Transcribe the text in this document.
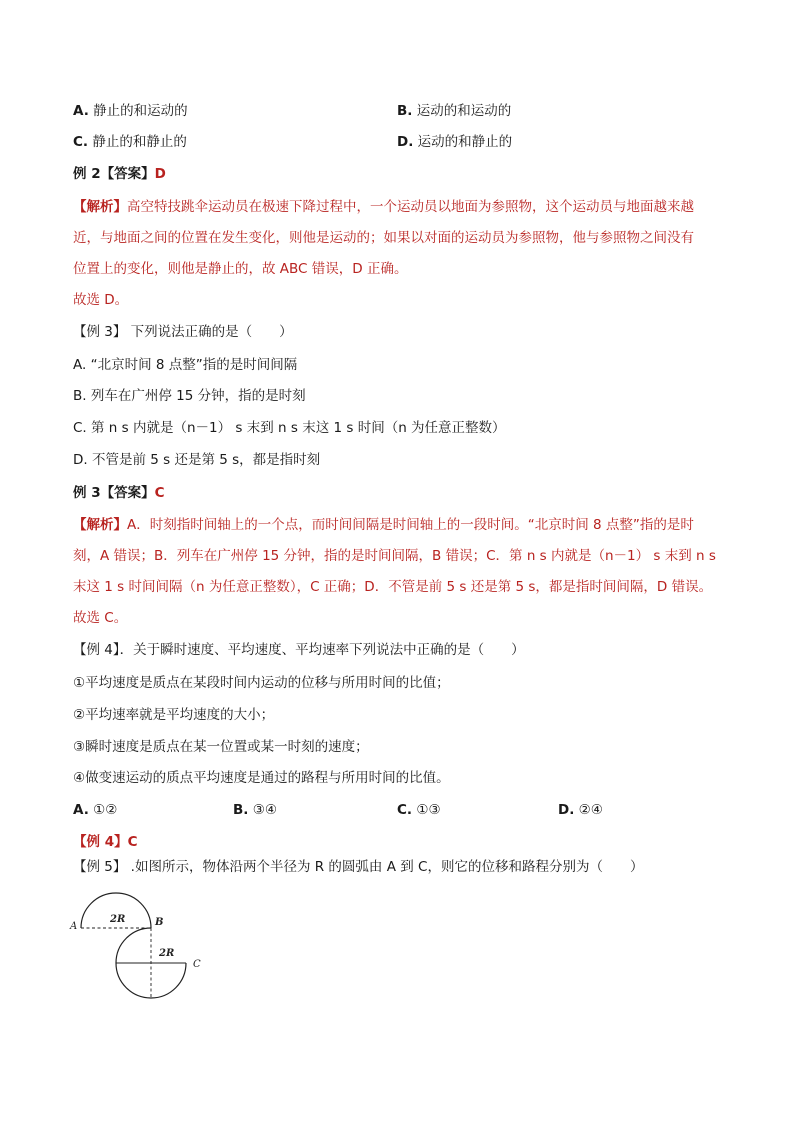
A. 静止的和运动的	B. 运动的和运动的
C. 静止的和静止的	D. 运动的和静止的
例 2【答案】D
【解析】高空特技跳伞运动员在极速下降过程中，一个运动员以地面为参照物，这个运动员与地面越来越
近，与地面之间的位置在发生变化，则他是运动的；如果以对面的运动员为参照物，他与参照物之间没有
位置上的变化，则他是静止的，故 ABC 错误，D 正确。
故选 D。
【例 3】 下列说法正确的是（　　）
A. “北京时间 8 点整”指的是时间间隔
B. 列车在广州停 15 分钟，指的是时刻
C. 第 n s 内就是（n－1） s 末到 n s 末这 1 s 时间（n 为任意正整数）
D. 不管是前 5 s 还是第 5 s，都是指时刻
例 3【答案】C
【解析】A．时刻指时间轴上的一个点，而时间间隔是时间轴上的一段时间。“北京时间 8 点整”指的是时
刻，A 错误；B．列车在广州停 15 分钟，指的是时间间隔，B 错误；C．第 n s 内就是（n－1） s 末到 n s
末这 1 s 时间间隔（n 为任意正整数），C 正确；D．不管是前 5 s 还是第 5 s，都是指时间间隔，D 错误。
故选 C。
【例 4】．关于瞬时速度、平均速度、平均速率下列说法中正确的是（　　）
①平均速度是质点在某段时间内运动的位移与所用时间的比值；
②平均速率就是平均速度的大小；
③瞬时速度是质点在某一位置或某一时刻的速度；
④做变速运动的质点平均速度是通过的路程与所用时间的比值。
A. ①②	B. ③④	C. ①③	D. ②④
【例 4】C
【例 5】 .如图所示，物体沿两个半径为 R 的圆弧由 A 到 C，则它的位移和路程分别为（　　）
2R
2R
A	B
C
